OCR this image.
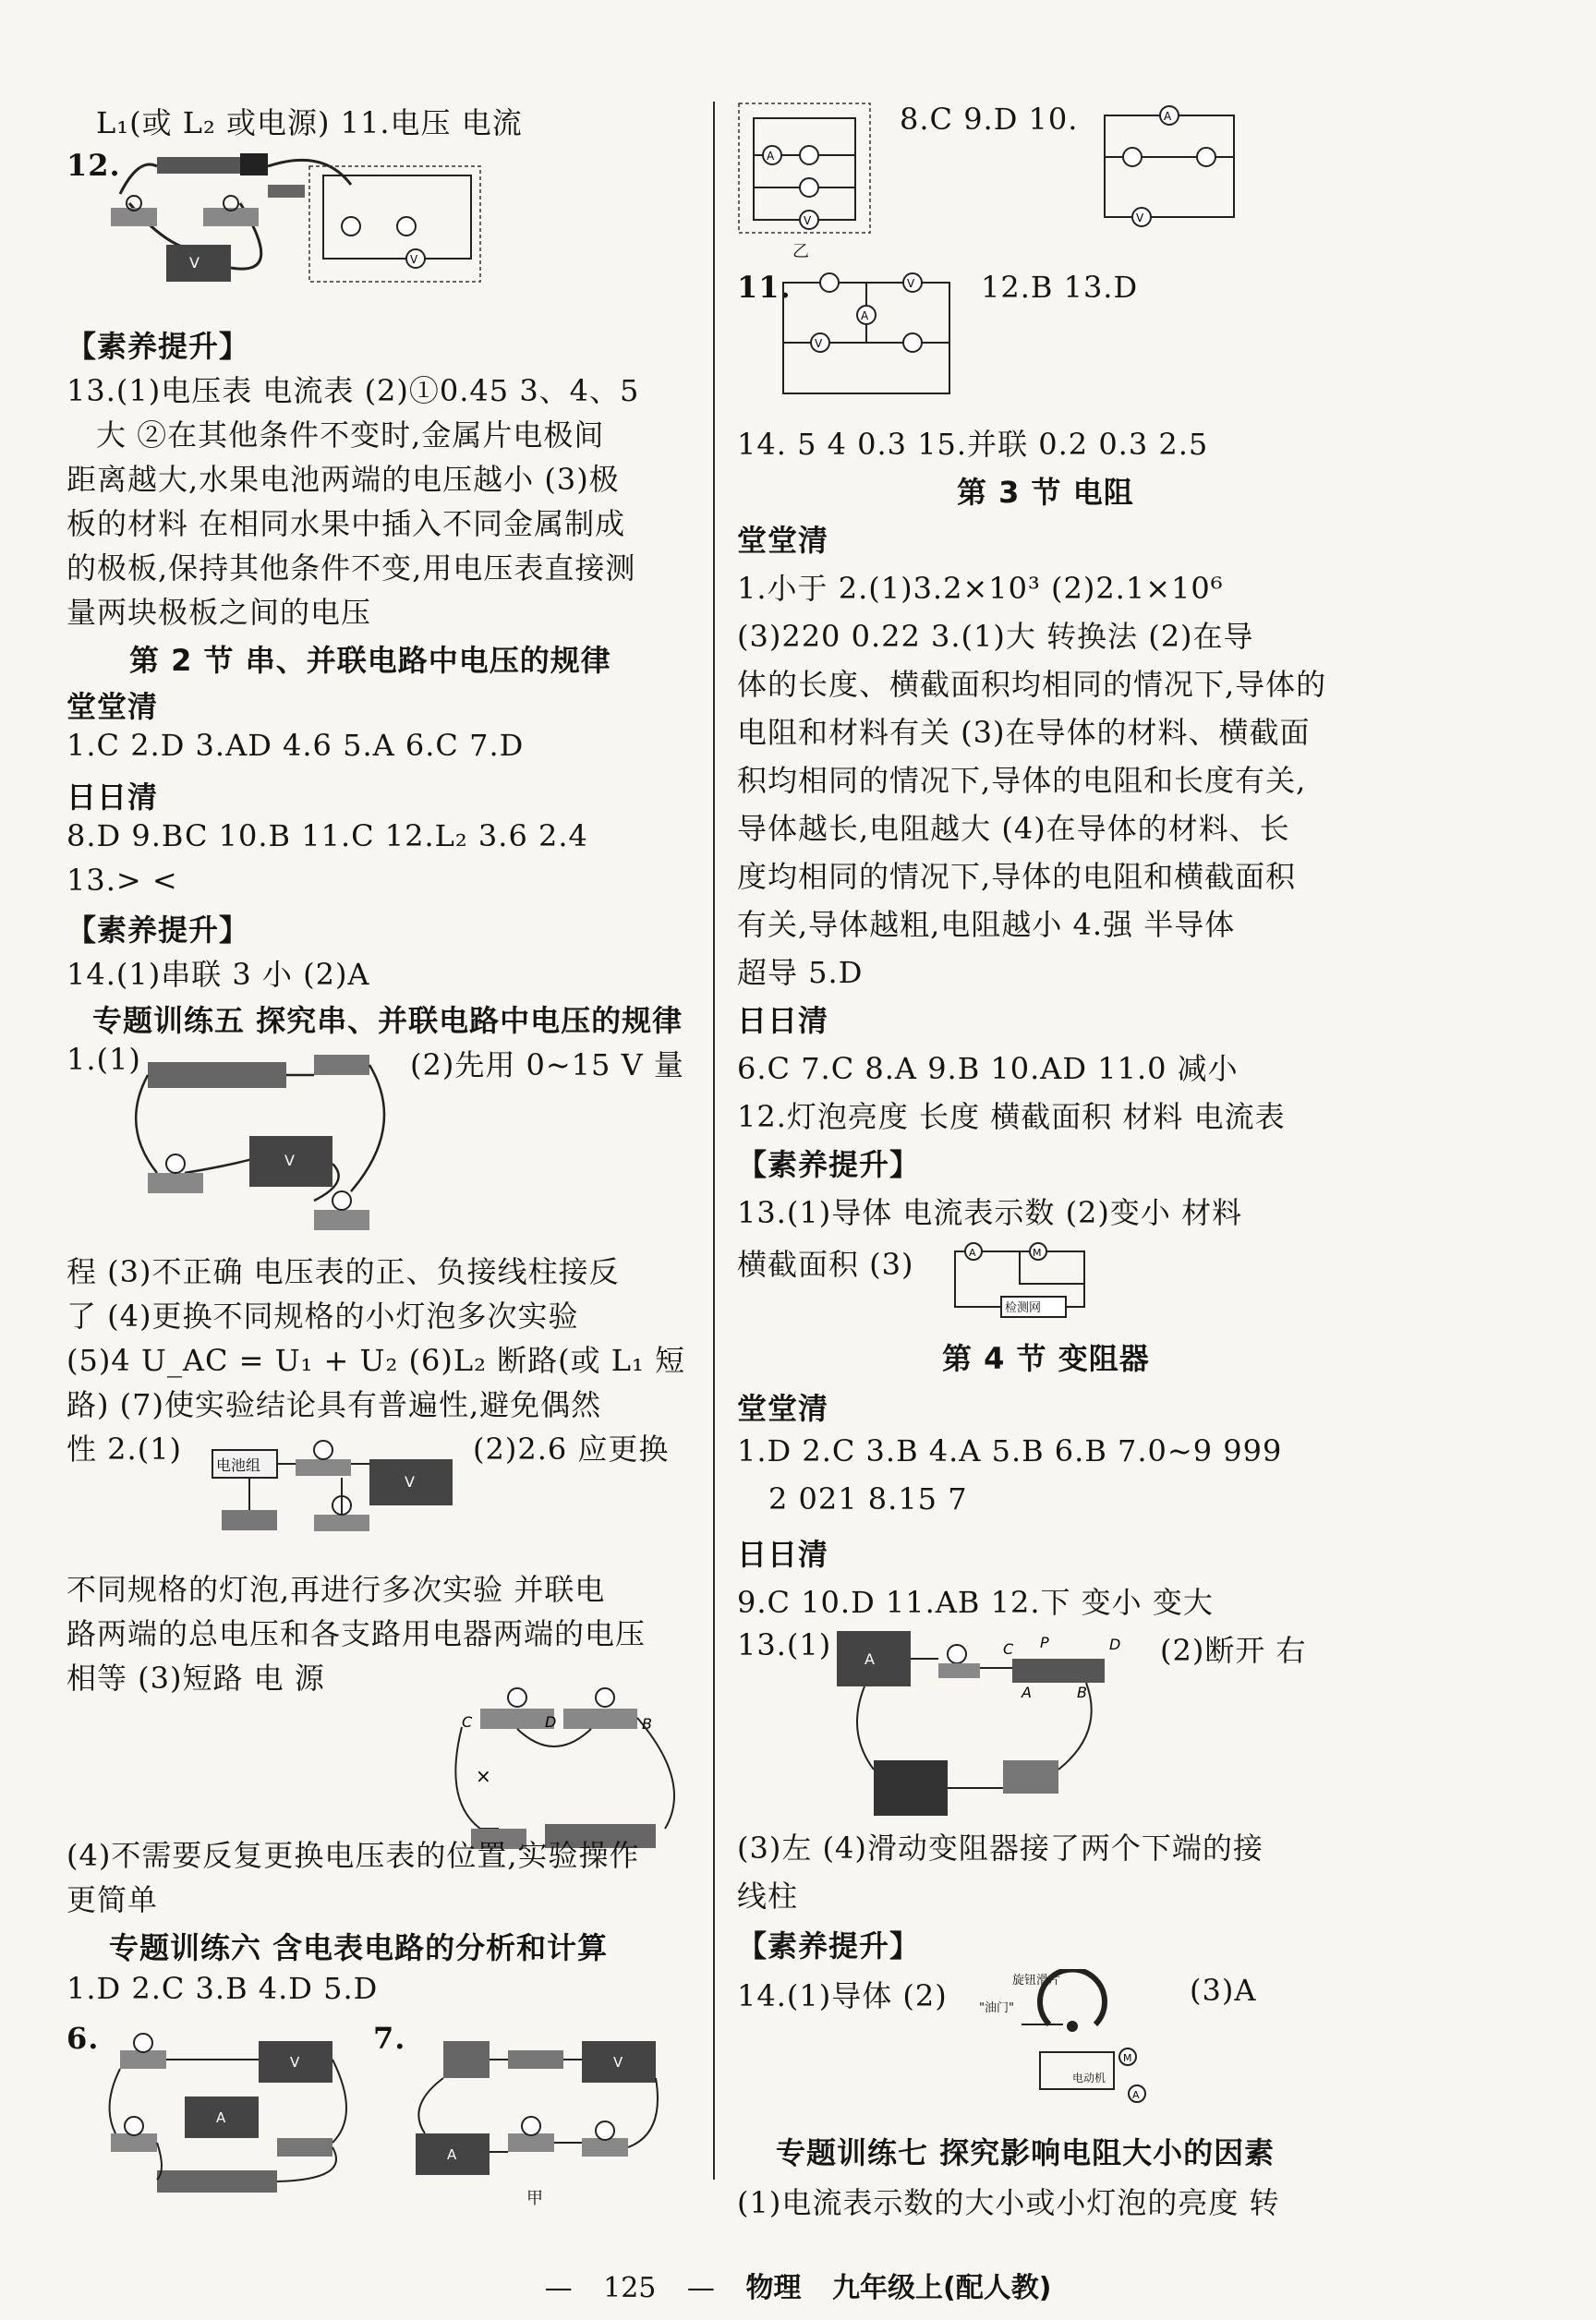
L₁(或 L₂ 或电源) 11.电压 电流
12.
V	V
【素养提升】
13.(1)电压表 电流表 (2)①0.45 3、4、5
大 ②在其他条件不变时,金属片电极间
距离越大,水果电池两端的电压越小 (3)极
板的材料 在相同水果中插入不同金属制成
的极板,保持其他条件不变,用电压表直接测
量两块极板之间的电压
第 2 节 串、并联电路中电压的规律
堂堂清
1.C 2.D 3.AD 4.6 5.A 6.C 7.D
日日清
8.D 9.BC 10.B 11.C 12.L₂ 3.6 2.4
13.> <
【素养提升】
14.(1)串联 3 小 (2)A
专题训练五 探究串、并联电路中电压的规律
1.(1)	(2)先用 0~15 V 量
V
程 (3)不正确 电压表的正、负接线柱接反
了 (4)更换不同规格的小灯泡多次实验
(5)4 U_AC = U₁ + U₂ (6)L₂ 断路(或 L₁ 短
路) (7)使实验结论具有普遍性,避免偶然
性 2.(1)	(2)2.6 应更换
电池组
V
不同规格的灯泡,再进行多次实验 并联电
路两端的总电压和各支路用电器两端的电压
相等 (3)短路 电 源
C	D	B
×
(4)不需要反复更换电压表的位置,实验操作
更简单
专题训练六 含电表电路的分析和计算
1.D 2.C 3.B 4.D 5.D
6.	7.
V
A
V
A
甲
A
V
乙
8.C 9.D 10.	A
V
11.	V
A
V
12.B 13.D
14. 5 4 0.3 15.并联 0.2 0.3 2.5
第 3 节 电阻
堂堂清
1.小于 2.(1)3.2×10³ (2)2.1×10⁶
(3)220 0.22 3.(1)大 转换法 (2)在导
体的长度、横截面积均相同的情况下,导体的
电阻和材料有关 (3)在导体的材料、横截面
积均相同的情况下,导体的电阻和长度有关,
导体越长,电阻越大 (4)在导体的材料、长
度均相同的情况下,导体的电阻和横截面积
有关,导体越粗,电阻越小 4.强 半导体
超导 5.D
日日清
6.C 7.C 8.A 9.B 10.AD 11.0 减小
12.灯泡亮度 长度 横截面积 材料 电流表
【素养提升】
13.(1)导体 电流表示数 (2)变小 材料
横截面积 (3)	A	M
检测网
第 4 节 变阻器
堂堂清
1.D 2.C 3.B 4.A 5.B 6.B 7.0~9 999
2 021 8.15 7
日日清
9.C 10.D 11.AB 12.下 变小 变大
13.(1)	(2)断开 右
A
C P	D
A	B
(3)左 (4)滑动变阻器接了两个下端的接
线柱
【素养提升】
14.(1)导体 (2)	(3)A
旋钮滑片
"油门"
M
电动机
A
专题训练七 探究影响电阻大小的因素
(1)电流表示数的大小或小灯泡的亮度 转
— 125 — 物理 九年级上(配人教)
